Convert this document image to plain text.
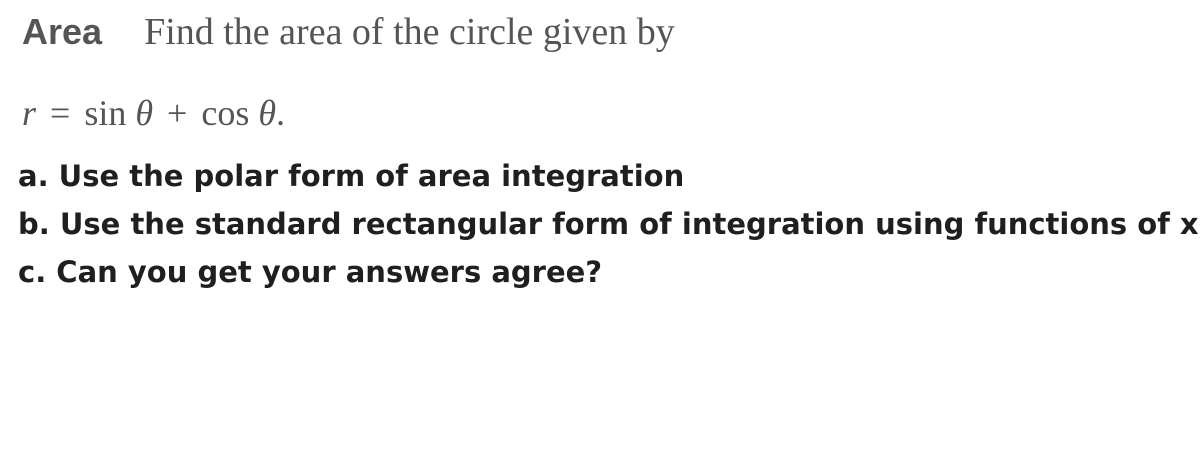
Area Find the area of the circle given by
r = sin θ + cos θ.
a. Use the polar form of area integration
b. Use the standard rectangular form of integration using functions of x
c. Can you get your answers agree?
